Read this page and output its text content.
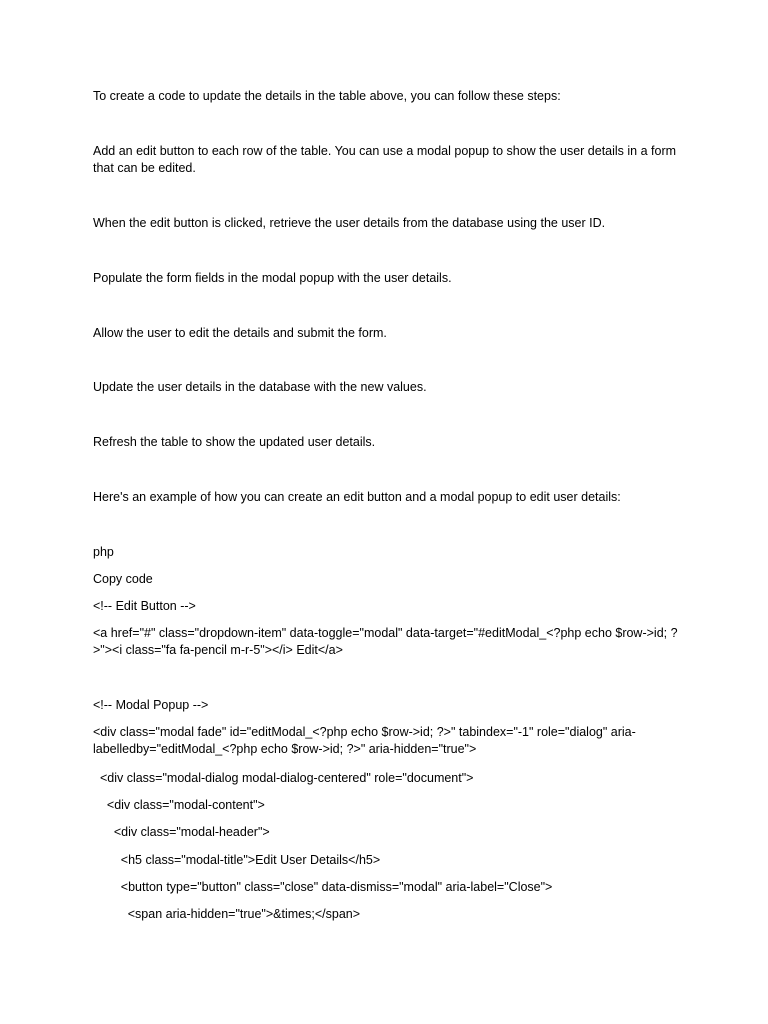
To create a code to update the details in the table above, you can follow these steps:

Add an edit button to each row of the table. You can use a modal popup to show the user details in a form that can be edited.

When the edit button is clicked, retrieve the user details from the database using the user ID.

Populate the form fields in the modal popup with the user details.

Allow the user to edit the details and submit the form.

Update the user details in the database with the new values.

Refresh the table to show the updated user details.

Here's an example of how you can create an edit button and a modal popup to edit user details:

php

Copy code

<!-- Edit Button -->

<a href="#" class="dropdown-item" data-toggle="modal" data-target="#editModal_<?php echo $row->id; ?>"><i class="fa fa-pencil m-r-5"></i> Edit</a>

<!-- Modal Popup -->

<div class="modal fade" id="editModal_<?php echo $row->id; ?>" tabindex="-1" role="dialog" aria-labelledby="editModal_<?php echo $row->id; ?>" aria-hidden="true">

<div class="modal-dialog modal-dialog-centered" role="document">

<div class="modal-content">

<div class="modal-header">

<h5 class="modal-title">Edit User Details</h5>

<button type="button" class="close" data-dismiss="modal" aria-label="Close">

<span aria-hidden="true">&times;</span>
